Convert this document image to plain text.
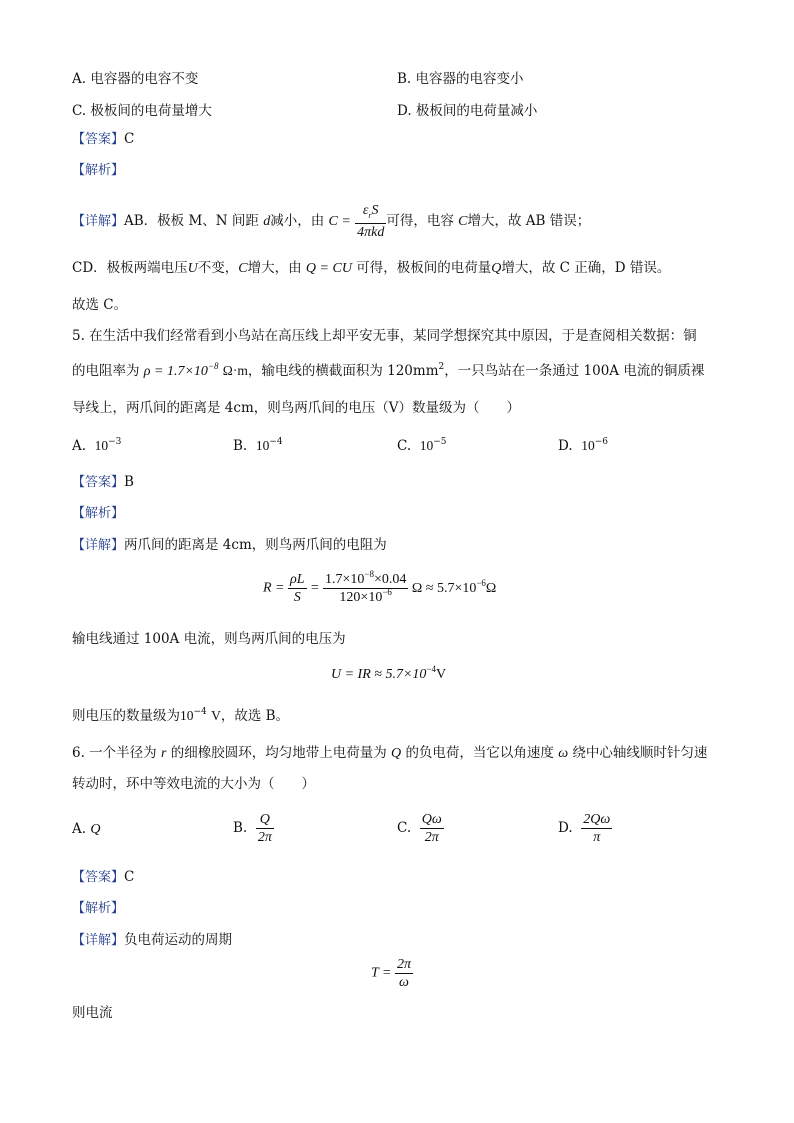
A. 电容器的电容不变	B. 电容器的电容变小
C. 极板间的电荷量增大	D. 极板间的电荷量减小
【答案】C
【解析】
【详解】AB．极板 M、N 间距 d减小，由 $C = \frac{\varepsilon_rS}{\text{4πkd}}$ 可得，电容 C增大，故 AB 错误；
CD．极板两端电压U不变，C增大，由 Q = CU 可得，极板间的电荷量Q增大，故 C 正确，D 错误。
故选 C。
5. 在生活中我们经常看到小鸟站在高压线上却平安无事，某同学想探究其中原因，于是查阅相关数据：铜
的电阻率为 $\rho = 1.7\times 10^{-8}$ Ω·m，输电线的横截面积为 $120mm^2$，一只鸟站在一条通过 100A 电流的铜质裸
导线上，两爪间的距离是 4cm，则鸟两爪间的电压（V）数量级为（　　）
A. $10^{-3}$	B. $10^{-4}$	C. $10^{-5}$	D. $10^{-6}$
【答案】B
【解析】
【详解】两爪间的距离是 4cm，则鸟两爪间的电阻为
$R = \frac{\rho L}{S} = \frac{1.7\times 10^{-8}\times 0.04}{120\times 10^{-6}}$ $\Omega \approx 5.7\times 10^{-6}\Omega$
输电线通过 100A 电流，则鸟两爪间的电压为
U = IR ≈ $5.7\times 10^{-4}V$
则电压的数量级为$10^{-4}$ V，故选 B。
6. 一个半径为 r 的细橡胶圆环，均匀地带上电荷量为 Q 的负电荷，当它以角速度 ω 绕中心轴线顺时针匀速
转动时，环中等效电流的大小为（　　）
A. Q	B. $\frac{Q}{2\pi}$	C. $\frac{Q\omega}{2\pi}$	D. $\frac{2Q\omega}{\pi}$
【答案】C
【解析】
【详解】负电荷运动的周期
$T = \frac{2\pi}{\omega}$
则电流
